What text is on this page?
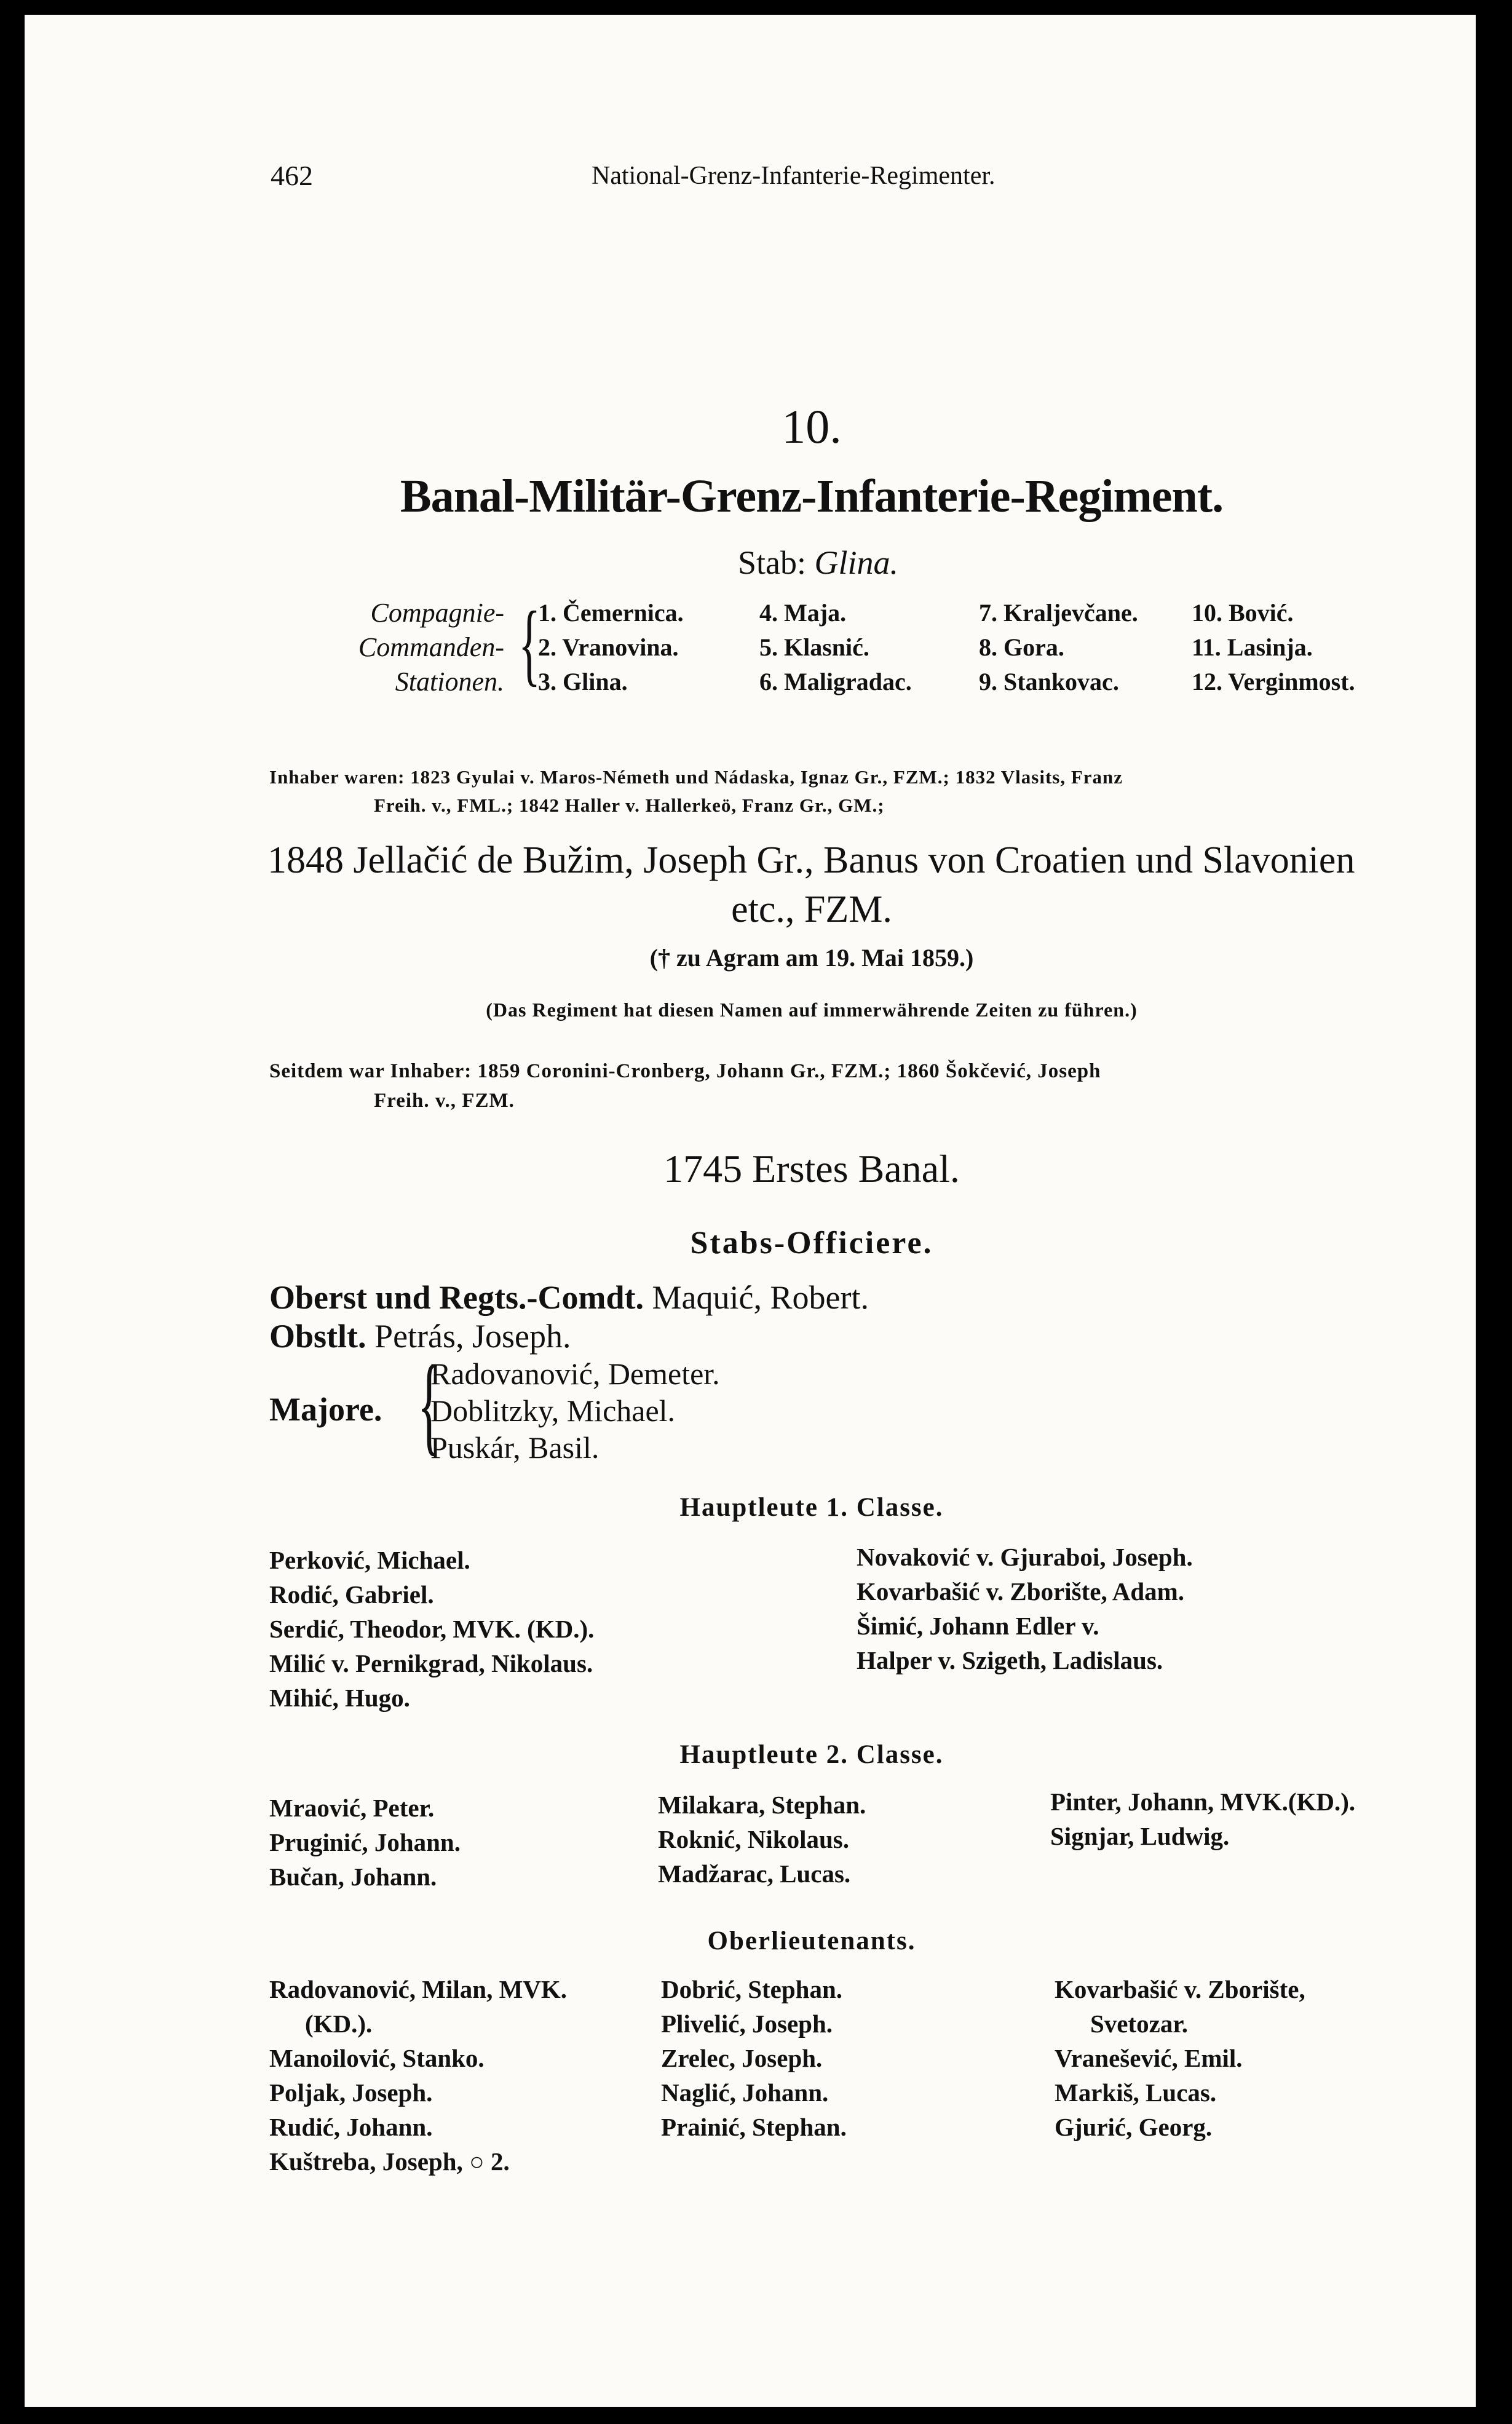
462	National-Grenz-Infanterie-Regimenter.
10.
Banal-Militär-Grenz-Infanterie-Regiment.
Stab: Glina.
Compagnie-
Commanden-
Stationen. {
1. Čemernica.
2. Vranovina.
3. Glina.
4. Maja.
5. Klasnić.
6. Maligradac.
7. Kraljevčane.
8. Gora.
9. Stankovac.
10. Bović.
11. Lasinja.
12. Verginmost.
Inhaber waren: 1823 Gyulai v. Maros-Németh und Nádaska, Ignaz Gr., FZM.; 1832 Vlasits, Franz
Freih. v., FML.; 1842 Haller v. Hallerkeö, Franz Gr., GM.;
1848 Jellačić de Bužim, Joseph Gr., Banus von Croatien und Slavonien
etc., FZM.
(† zu Agram am 19. Mai 1859.)
(Das Regiment hat diesen Namen auf immerwährende Zeiten zu führen.)
Seitdem war Inhaber: 1859 Coronini-Cronberg, Johann Gr., FZM.; 1860 Šokčević, Joseph
Freih. v., FZM.
1745 Erstes Banal.
Stabs-Officiere.
Oberst und Regts.-Comdt. Maquić, Robert.
Obstlt. Petrás, Joseph.
Majore. {
Radovanović, Demeter.
Doblitzky, Michael.
Puskár, Basil.
Hauptleute 1. Classe.
Perković, Michael.
Rodić, Gabriel.
Serdić, Theodor, MVK. (KD.).
Milić v. Pernikgrad, Nikolaus.
Mihić, Hugo.
Novaković v. Gjuraboi, Joseph.
Kovarbašić v. Zborište, Adam.
Šimić, Johann Edler v.
Halper v. Szigeth, Ladislaus.
Hauptleute 2. Classe.
Mraović, Peter.
Pruginić, Johann.
Bučan, Johann.
Milakara, Stephan.
Roknić, Nikolaus.
Madžarac, Lucas.
Pinter, Johann, MVK.(KD.).
Signjar, Ludwig.
Oberlieutenants.
Radovanović, Milan, MVK.
(KD.).
Manoilović, Stanko.
Poljak, Joseph.
Rudić, Johann.
Kuštreba, Joseph, ○ 2.
Dobrić, Stephan.
Plivelić, Joseph.
Zrelec, Joseph.
Naglić, Johann.
Prainić, Stephan.
Kovarbašić v. Zborište,
Svetozar.
Vranešević, Emil.
Markiš, Lucas.
Gjurić, Georg.
